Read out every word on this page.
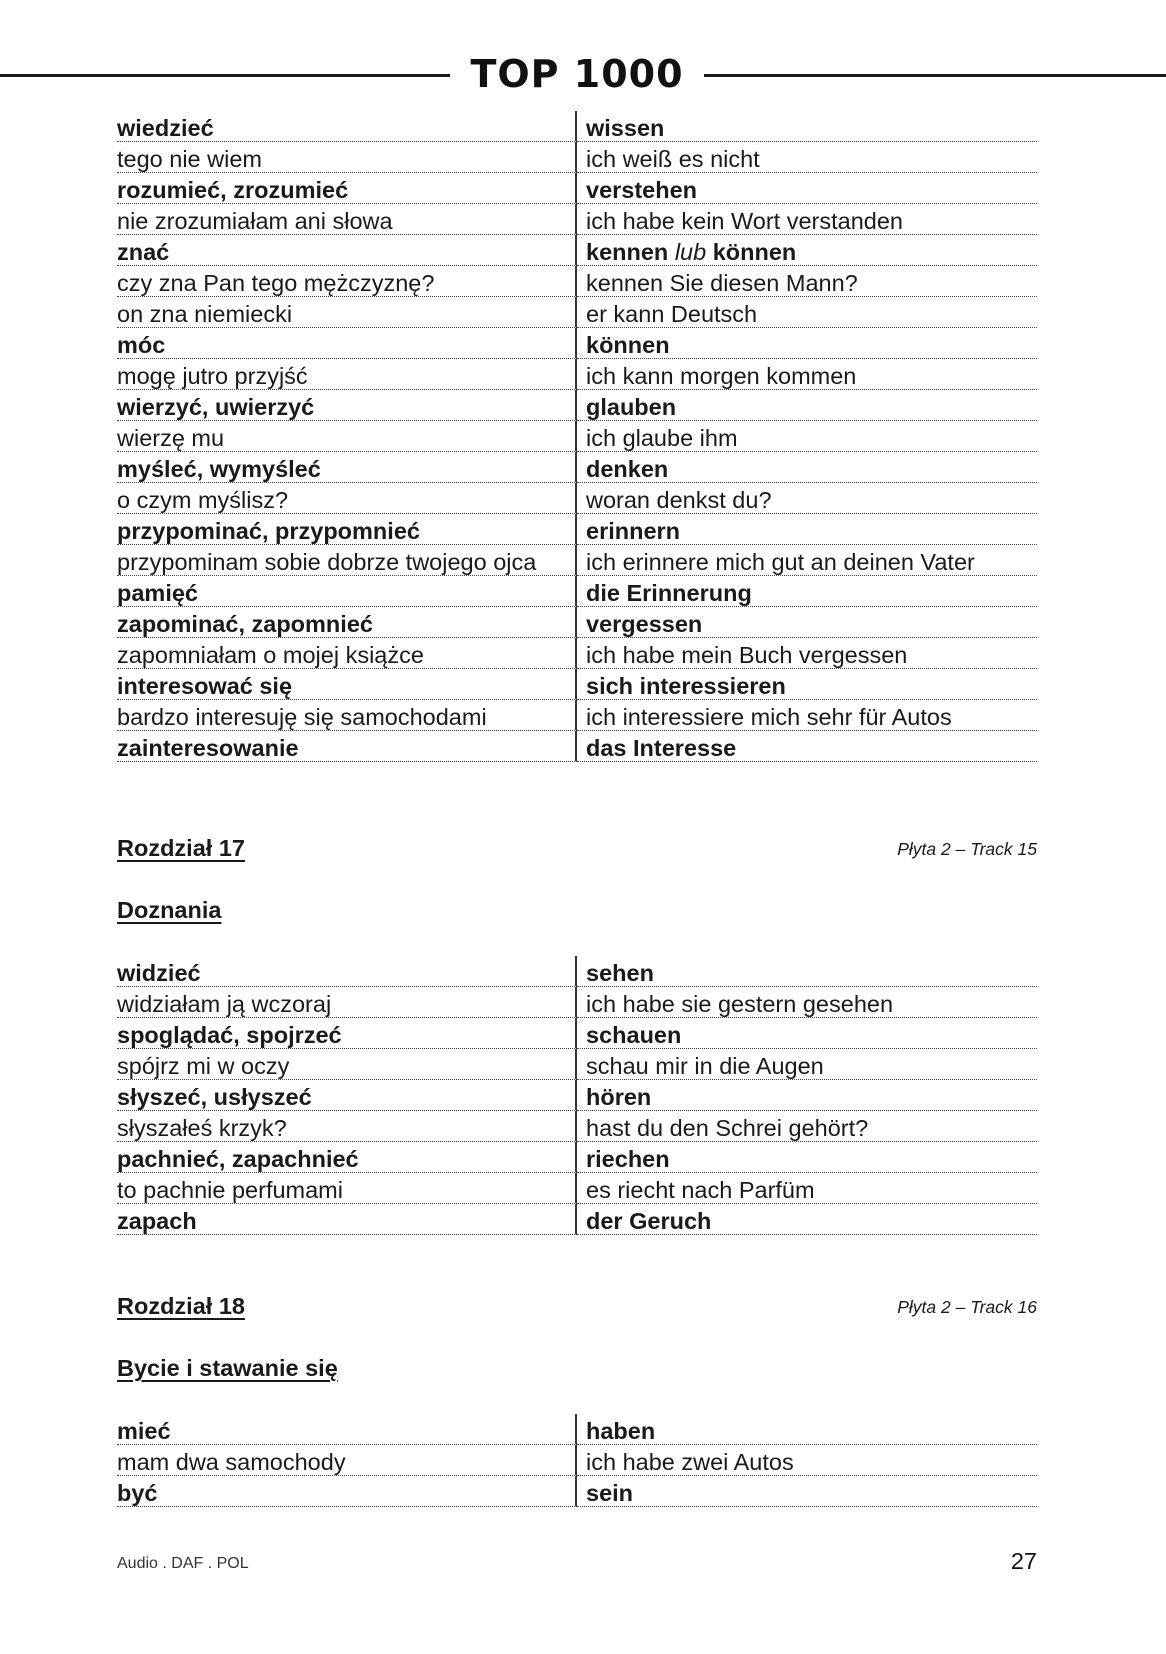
TOP 1000
wiedzieć	wissen
tego nie wiem	ich weiß es nicht
rozumieć, zrozumieć	verstehen
nie zrozumiałam ani słowa	ich habe kein Wort verstanden
znać	kennen lub können
czy zna Pan tego mężczyznę?	kennen Sie diesen Mann?
on zna niemiecki	er kann Deutsch
móc	können
mogę jutro przyjść	ich kann morgen kommen
wierzyć, uwierzyć	glauben
wierzę mu	ich glaube ihm
myśleć, wymyśleć	denken
o czym myślisz?	woran denkst du?
przypominać, przypomnieć	erinnern
przypominam sobie dobrze twojego ojca	ich erinnere mich gut an deinen Vater
pamięć	die Erinnerung
zapominać, zapomnieć	vergessen
zapomniałam o mojej książce	ich habe mein Buch vergessen
interesować się	sich interessieren
bardzo interesuję się samochodami	ich interessiere mich sehr für Autos
zainteresowanie	das Interesse
Rozdział 17	Płyta 2 – Track 15
Doznania
widzieć	sehen
widziałam ją wczoraj	ich habe sie gestern gesehen
spoglądać, spojrzeć	schauen
spójrz mi w oczy	schau mir in die Augen
słyszeć, usłyszeć	hören
słyszałeś krzyk?	hast du den Schrei gehört?
pachnieć, zapachnieć	riechen
to pachnie perfumami	es riecht nach Parfüm
zapach	der Geruch
Rozdział 18	Płyta 2 – Track 16
Bycie i stawanie się
mieć	haben
mam dwa samochody	ich habe zwei Autos
być	sein
Audio . DAF . POL	27
